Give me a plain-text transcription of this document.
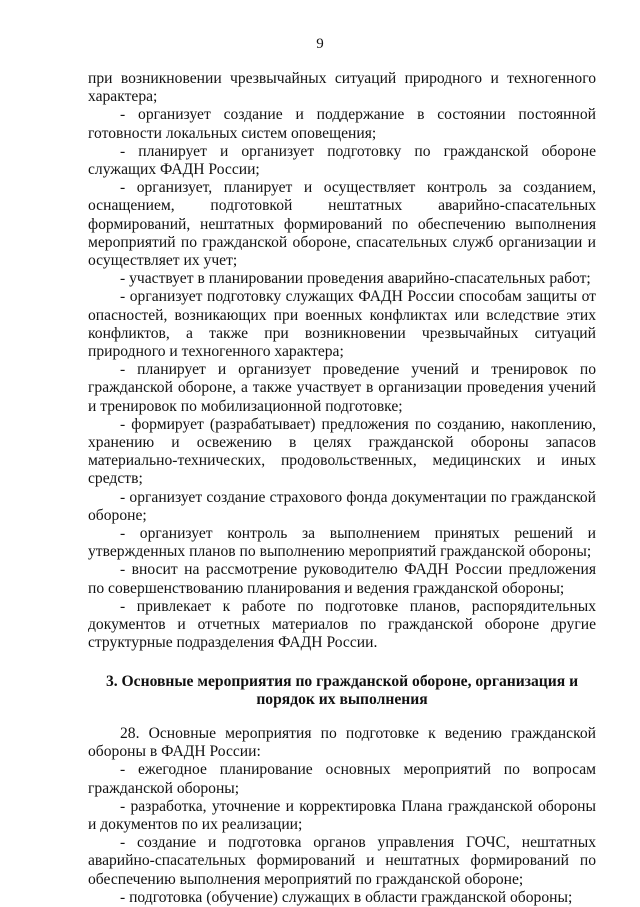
9

при возникновении чрезвычайных ситуаций природного и техногенного характера;

- организует создание и поддержание в состоянии постоянной готовности локальных систем оповещения;

- планирует и организует подготовку по гражданской обороне служащих ФАДН России;

- организует, планирует и осуществляет контроль за созданием, оснащением, подготовкой нештатных аварийно-спасательных формирований, нештатных формирований по обеспечению выполнения мероприятий по гражданской обороне, спасательных служб организации и осуществляет их учет;

- участвует в планировании проведения аварийно-спасательных работ;

- организует подготовку служащих ФАДН России способам защиты от опасностей, возникающих при военных конфликтах или вследствие этих конфликтов, а также при возникновении чрезвычайных ситуаций природного и техногенного характера;

- планирует и организует проведение учений и тренировок по гражданской обороне, а также участвует в организации проведения учений и тренировок по мобилизационной подготовке;

- формирует (разрабатывает) предложения по созданию, накоплению, хранению и освежению в целях гражданской обороны запасов материально-технических, продовольственных, медицинских и иных средств;

- организует создание страхового фонда документации по гражданской обороне;

- организует контроль за выполнением принятых решений и утвержденных планов по выполнению мероприятий гражданской обороны;

- вносит на рассмотрение руководителю ФАДН России предложения по совершенствованию планирования и ведения гражданской обороны;

- привлекает к работе по подготовке планов, распорядительных документов и отчетных материалов по гражданской обороне другие структурные подразделения ФАДН России.

3. Основные мероприятия по гражданской обороне, организация и порядок их выполнения

28. Основные мероприятия по подготовке к ведению гражданской обороны в ФАДН России:

- ежегодное планирование основных мероприятий по вопросам гражданской обороны;

- разработка, уточнение и корректировка Плана гражданской обороны и документов по их реализации;

- создание и подготовка органов управления ГОЧС, нештатных аварийно-спасательных формирований и нештатных формирований по обеспечению выполнения мероприятий по гражданской обороне;

- подготовка (обучение) служащих в области гражданской обороны;
